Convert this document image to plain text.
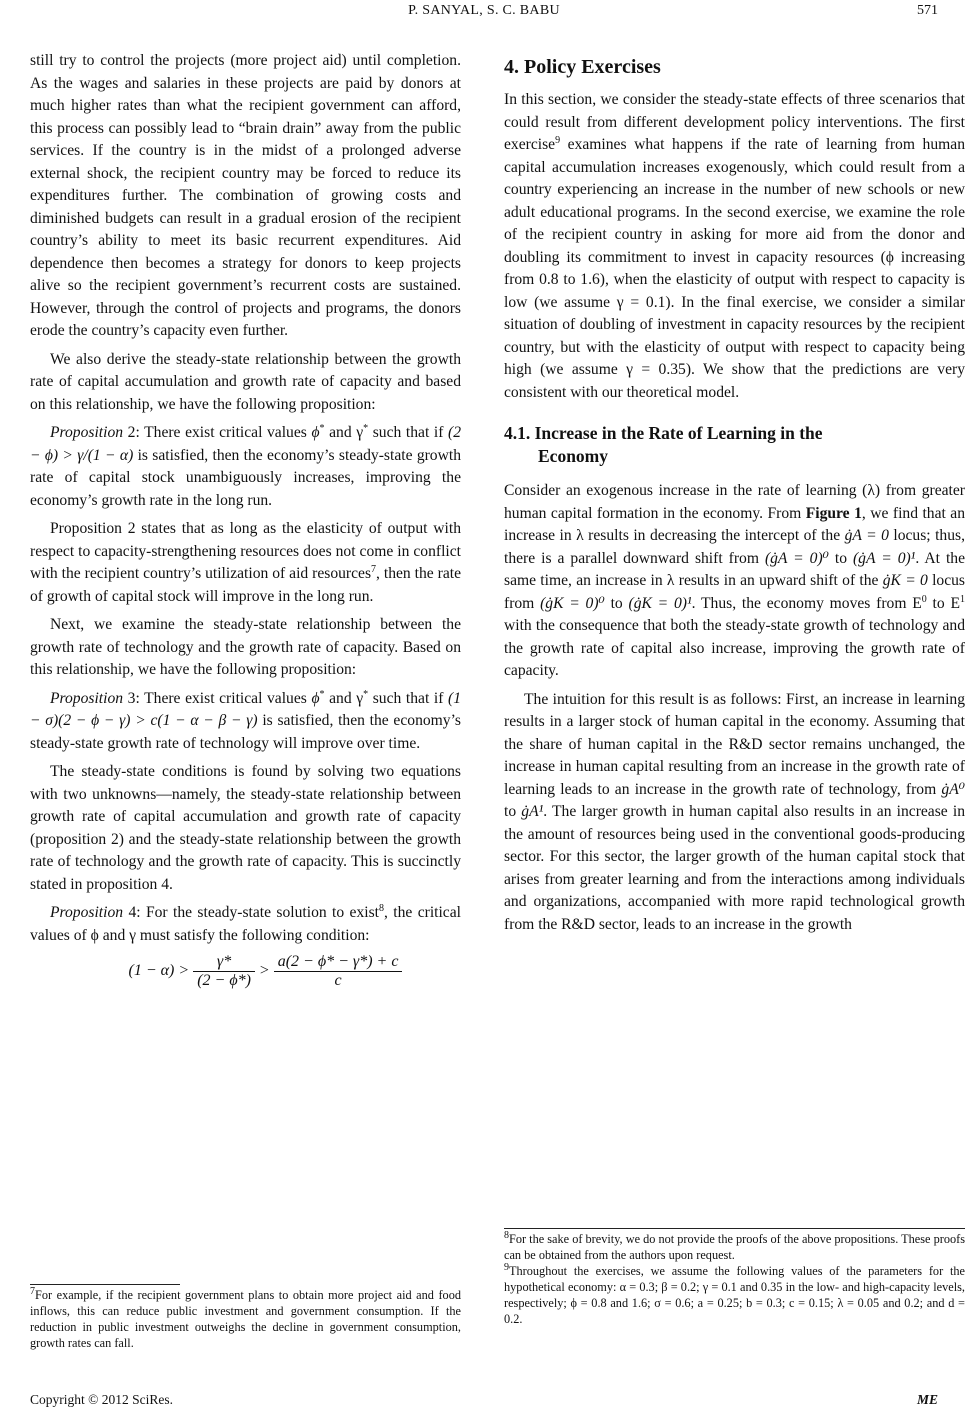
P. SANYAL, S. C. BABU	571

still try to control the projects (more project aid) until completion. As the wages and salaries in these projects are paid by donors at much higher rates than what the recipient government can afford, this process can possibly lead to “brain drain” away from the public services. If the country is in the midst of a prolonged adverse external shock, the recipient country may be forced to reduce its expenditures further. The combination of growing costs and diminished budgets can result in a gradual erosion of the recipient country’s ability to meet its basic recurrent expenditures. Aid dependence then becomes a strategy for donors to keep projects alive so the recipient government’s recurrent costs are sustained. However, through the control of projects and programs, the donors erode the country’s capacity even further.

We also derive the steady-state relationship between the growth rate of capital accumulation and growth rate of capacity and based on this relationship, we have the following proposition:

Proposition 2: There exist critical values ϕ* and γ* such that if (2 − ϕ) > γ/(1 − α) is satisfied, then the economy’s steady-state growth rate of capital stock unambiguously increases, improving the economy’s growth rate in the long run.

Proposition 2 states that as long as the elasticity of output with respect to capacity-strengthening resources does not come in conflict with the recipient country’s utilization of aid resources$^7$, then the rate of growth of capital stock will improve in the long run.

Next, we examine the steady-state relationship between the growth rate of technology and the growth rate of capacity. Based on this relationship, we have the following proposition:

Proposition 3: There exist critical values ϕ* and γ* such that if (1 − σ)(2 − ϕ − γ) > c(1 − α − β − γ) is satisfied, then the economy’s steady-state growth rate of technology will improve over time.

The steady-state conditions is found by solving two equations with two unknowns—namely, the steady-state relationship between growth rate of capital accumulation and growth rate of capacity (proposition 2) and the steady-state relationship between the growth rate of technology and the growth rate of capacity. This is succinctly stated in proposition 4.

Proposition 4: For the steady-state solution to exist$^8$, the critical values of ϕ and γ must satisfy the following condition:

$(1 - \alpha) > \frac{\gamma*}{(2 - \phi*)} > \frac{a(2 - \phi* - \gamma*) + c}{c}$

$^7$For example, if the recipient government plans to obtain more project aid and food inflows, this can reduce public investment and government consumption. If the reduction in public investment outweighs the decline in government consumption, growth rates can fall.

4. Policy Exercises

In this section, we consider the steady-state effects of three scenarios that could result from different development policy interventions. The first exercise$^9$ examines what happens if the rate of learning from human capital accumulation increases exogenously, which could result from a country experiencing an increase in the number of new schools or new adult educational programs. In the second exercise, we examine the role of the recipient country in asking for more aid from the donor and doubling its commitment to invest in capacity resources (ϕ increasing from 0.8 to 1.6), when the elasticity of output with respect to capacity is low (we assume γ = 0.1). In the final exercise, we consider a similar situation of doubling of investment in capacity resources by the recipient country, but with the elasticity of output with respect to capacity being high (we assume γ = 0.35). We show that the predictions are very consistent with our theoretical model.

4.1. Increase in the Rate of Learning in the
Economy

Consider an exogenous increase in the rate of learning (λ) from greater human capital formation in the economy. From Figure 1, we find that an increase in λ results in decreasing the intercept of the ġA = 0 locus; thus, there is a parallel downward shift from (ġA = 0)⁰ to (ġA = 0)¹. At the same time, an increase in λ results in an upward shift of the ġK = 0 locus from (ġK = 0)⁰ to (ġK = 0)¹. Thus, the economy moves from $E^0$ to $E^1$ with the consequence that both the steady-state growth of technology and the growth rate of capital also increase, improving the growth rate of capacity.

The intuition for this result is as follows: First, an increase in learning results in a larger stock of human capital in the economy. Assuming that the share of human capital in the R&D sector remains unchanged, the increase in human capital resulting from an increase in the growth rate of learning leads to an increase in the growth rate of technology, from ġA⁰ to ġA¹. The larger growth in human capital also results in an increase in the amount of resources being used in the conventional goods-producing sector. For this sector, the larger growth of the human capital stock that arises from greater learning and from the interactions among individuals and organizations, accompanied with more rapid technological growth from the R&D sector, leads to an increase in the growth

$^8$For the sake of brevity, we do not provide the proofs of the above propositions. These proofs can be obtained from the authors upon request.

$^9$Throughout the exercises, we assume the following values of the parameters for the hypothetical economy: α = 0.3; β = 0.2; γ = 0.1 and 0.35 in the low- and high-capacity levels, respectively; ϕ = 0.8 and 1.6; σ = 0.6; a = 0.25; b = 0.3; c = 0.15; λ = 0.05 and 0.2; and d = 0.2.

Copyright © 2012 SciRes.	ME
